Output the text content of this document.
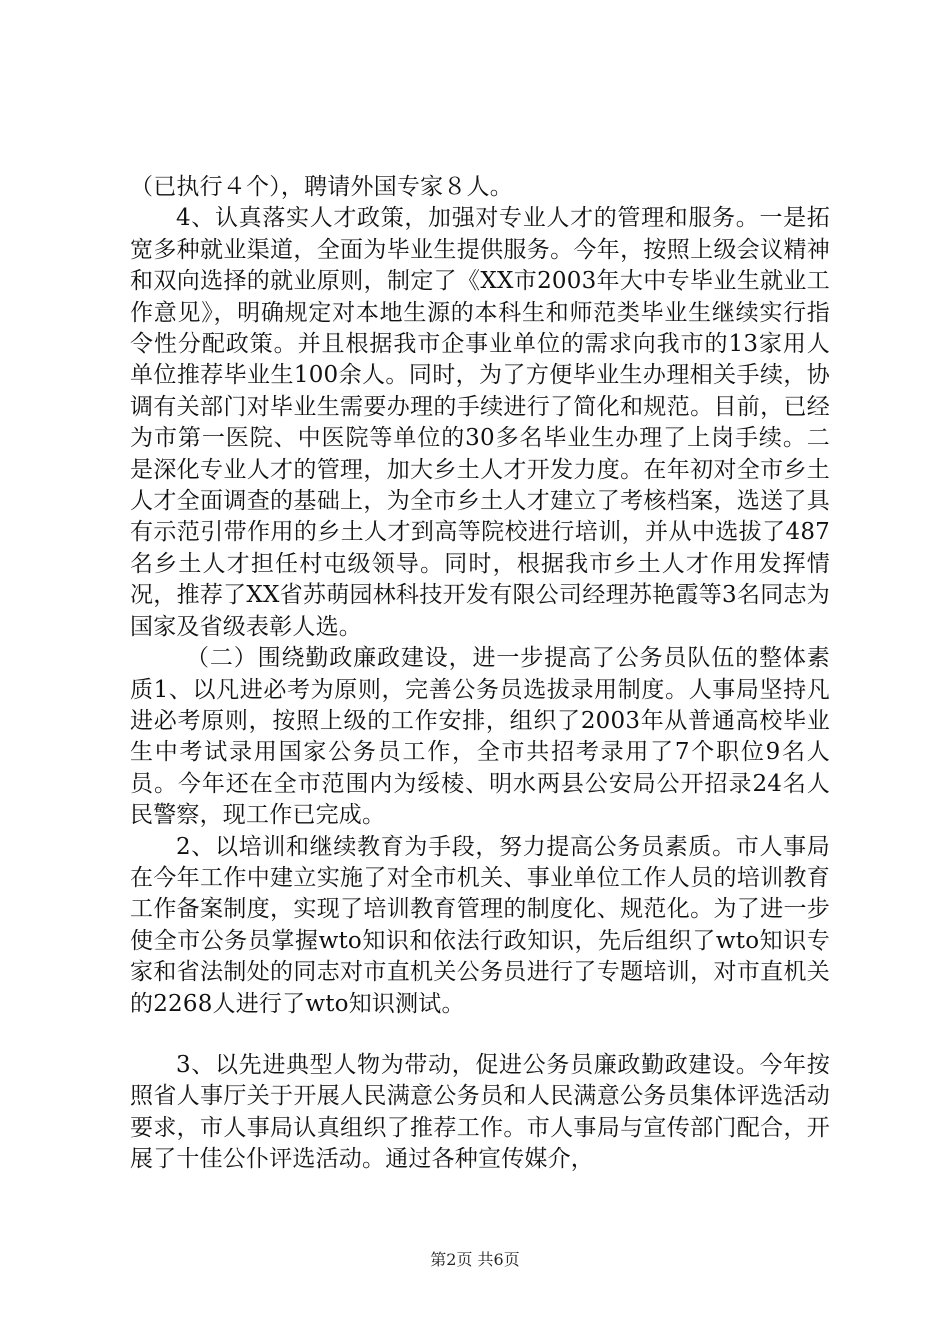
（已执行４个），聘请外国专家８人。

4、认真落实人才政策，加强对专业人才的管理和服务。一是拓宽多种就业渠道，全面为毕业生提供服务。今年，按照上级会议精神和双向选择的就业原则，制定了《XX市2003年大中专毕业生就业工作意见》，明确规定对本地生源的本科生和师范类毕业生继续实行指令性分配政策。并且根据我市企事业单位的需求向我市的13家用人单位推荐毕业生100余人。同时，为了方便毕业生办理相关手续，协调有关部门对毕业生需要办理的手续进行了简化和规范。目前，已经为市第一医院、中医院等单位的30多名毕业生办理了上岗手续。二是深化专业人才的管理，加大乡土人才开发力度。在年初对全市乡土人才全面调查的基础上，为全市乡土人才建立了考核档案，选送了具有示范引带作用的乡土人才到高等院校进行培训，并从中选拔了487名乡土人才担任村屯级领导。同时，根据我市乡土人才作用发挥情况，推荐了XX省苏萌园林科技开发有限公司经理苏艳霞等3名同志为国家及省级表彰人选。

（二）围绕勤政廉政建设，进一步提高了公务员队伍的整体素质1、以凡进必考为原则，完善公务员选拔录用制度。人事局坚持凡进必考原则，按照上级的工作安排，组织了2003年从普通高校毕业生中考试录用国家公务员工作，全市共招考录用了7个职位9名人员。今年还在全市范围内为绥棱、明水两县公安局公开招录24名人民警察，现工作已完成。

2、以培训和继续教育为手段，努力提高公务员素质。市人事局在今年工作中建立实施了对全市机关、事业单位工作人员的培训教育工作备案制度，实现了培训教育管理的制度化、规范化。为了进一步使全市公务员掌握wto知识和依法行政知识，先后组织了wto知识专家和省法制处的同志对市直机关公务员进行了专题培训，对市直机关的2268人进行了wto知识测试。

3、以先进典型人物为带动，促进公务员廉政勤政建设。今年按照省人事厅关于开展人民满意公务员和人民满意公务员集体评选活动要求，市人事局认真组织了推荐工作。市人事局与宣传部门配合，开展了十佳公仆评选活动。通过各种宣传媒介，

第2页 共6页
